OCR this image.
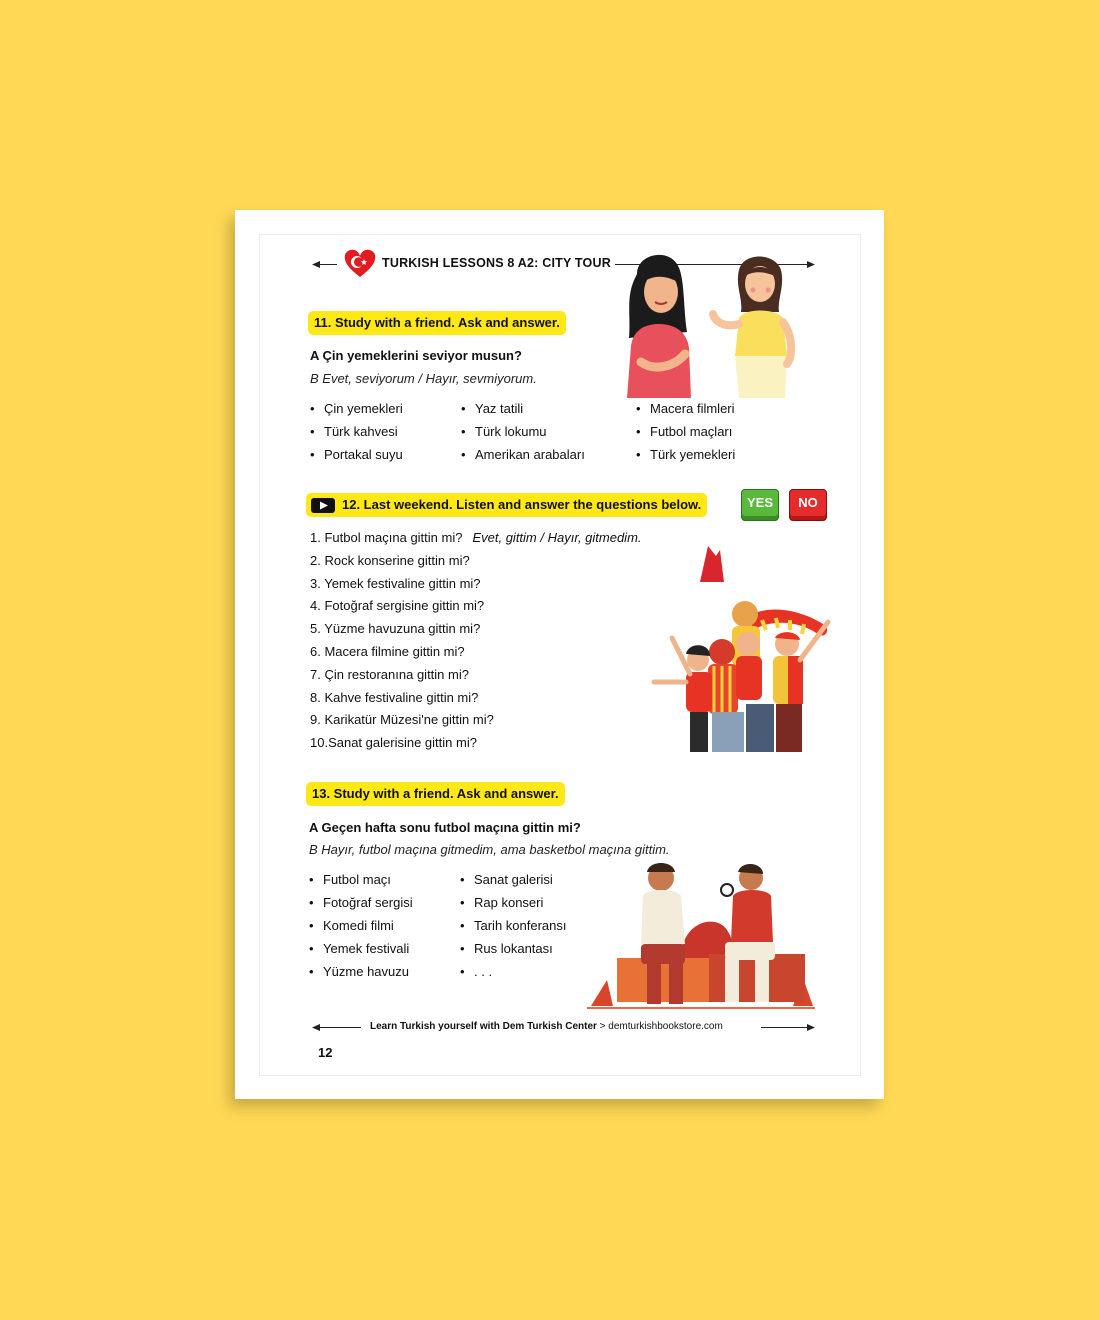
TURKISH LESSONS 8 A2: CITY TOUR
11. Study with a friend. Ask and answer.
A Çin yemeklerini seviyor musun?
B Evet, seviyorum / Hayır, sevmiyorum.
• Çin yemekleri
• Türk kahvesi
• Portakal suyu
• Yaz tatili
• Türk lokumu
• Amerikan arabaları
• Macera filmleri
• Futbol maçları
• Türk yemekleri
12. Last weekend. Listen and answer the questions below.	YES	NO
1. Futbol maçına gittin mi? Evet, gittim / Hayır, gitmedim.
2. Rock konserine gittin mi?
3. Yemek festivaline gittin mi?
4. Fotoğraf sergisine gittin mi?
5. Yüzme havuzuna gittin mi?
6. Macera filmine gittin mi?
7. Çin restoranına gittin mi?
8. Kahve festivaline gittin mi?
9. Karikatür Müzesi'ne gittin mi?
10.Sanat galerisine gittin mi?
13. Study with a friend. Ask and answer.
A Geçen hafta sonu futbol maçına gittin mi?
B Hayır, futbol maçına gitmedim, ama basketbol maçına gittim.
• Futbol maçı
• Fotoğraf sergisi
• Komedi filmi
• Yemek festivali
• Yüzme havuzu
• Sanat galerisi
• Rap konseri
• Tarih konferansı
• Rus lokantası
• . . .
Learn Turkish yourself with Dem Turkish Center > demturkishbookstore.com
12
